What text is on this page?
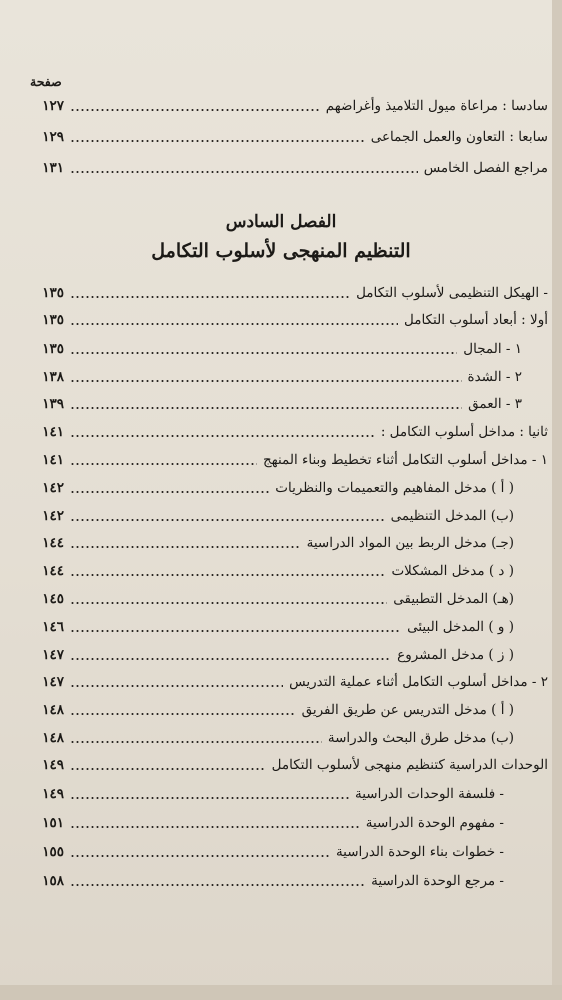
صفحة
سادسا : مراعاة ميول التلاميذ وأغراضهم
١٢٧
سابعا : التعاون والعمل الجماعى
١٢٩
مراجع الفصل الخامس
١٣١
الفصل السادس
التنظيم المنهجى لأسلوب التكامل
- الهيكل التنظيمى لأسلوب التكامل
١٣٥
أولا : أبعاد أسلوب التكامل
١٣٥
١ - المجال
١٣٥
٢ - الشدة
١٣٨
٣ - العمق
١٣٩
ثانيا : مداخل أسلوب التكامل :
١٤١
١ - مداخل أسلوب التكامل أثناء تخطيط وبناء المنهج
١٤١
( أ ) مدخل المفاهيم والتعميمات والنظريات
١٤٢
(ب) المدخل التنظيمى
١٤٢
(جـ) مدخل الربط بين المواد الدراسية
١٤٤
( د ) مدخل المشكلات
١٤٤
(هـ) المدخل التطبيقى
١٤٥
( و ) المدخل البيئى
١٤٦
( ز ) مدخل المشروع
١٤٧
٢ - مداخل أسلوب التكامل أثناء عملية التدريس
١٤٧
( أ ) مدخل التدريس عن طريق الفريق
١٤٨
(ب) مدخل طرق البحث والدراسة
١٤٨
الوحدات الدراسية كتنظيم منهجى لأسلوب التكامل
١٤٩
- فلسفة الوحدات الدراسية
١٤٩
- مفهوم الوحدة الدراسية
١٥١
- خطوات بناء الوحدة الدراسية
١٥٥
- مرجع الوحدة الدراسية
١٥٨
